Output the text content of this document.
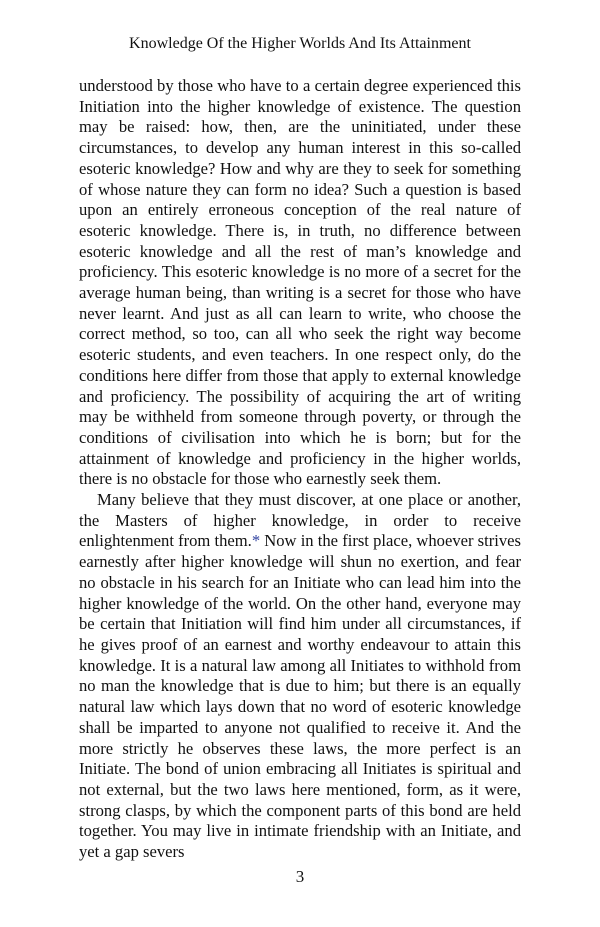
Knowledge Of the Higher Worlds And Its Attainment

understood by those who have to a certain degree experienced this Initiation into the higher knowledge of existence. The question may be raised: how, then, are the uninitiated, under these circumstances, to develop any human interest in this so-called esoteric knowledge? How and why are they to seek for something of whose nature they can form no idea? Such a question is based upon an entirely erroneous conception of the real nature of esoteric knowledge. There is, in truth, no difference between esoteric knowledge and all the rest of man’s knowledge and proficiency. This esoteric knowledge is no more of a secret for the average human being, than writing is a secret for those who have never learnt. And just as all can learn to write, who choose the correct method, so too, can all who seek the right way become esoteric students, and even teachers. In one respect only, do the conditions here differ from those that apply to external knowledge and proficiency. The possibility of acquiring the art of writing may be withheld from someone through poverty, or through the conditions of civilisation into which he is born; but for the attainment of knowledge and proficiency in the higher worlds, there is no obstacle for those who earnestly seek them.

Many believe that they must discover, at one place or another, the Masters of higher knowledge, in order to receive enlightenment from them.* Now in the first place, whoever strives earnestly after higher knowledge will shun no exertion, and fear no obstacle in his search for an Initiate who can lead him into the higher knowledge of the world. On the other hand, everyone may be certain that Initiation will find him under all circumstances, if he gives proof of an earnest and worthy endeavour to attain this knowledge. It is a natural law among all Initiates to withhold from no man the knowledge that is due to him; but there is an equally natural law which lays down that no word of esoteric knowledge shall be imparted to anyone not qualified to receive it. And the more strictly he observes these laws, the more perfect is an Initiate. The bond of union embracing all Initiates is spiritual and not external, but the two laws here mentioned, form, as it were, strong clasps, by which the component parts of this bond are held together. You may live in intimate friendship with an Initiate, and yet a gap severs

3
